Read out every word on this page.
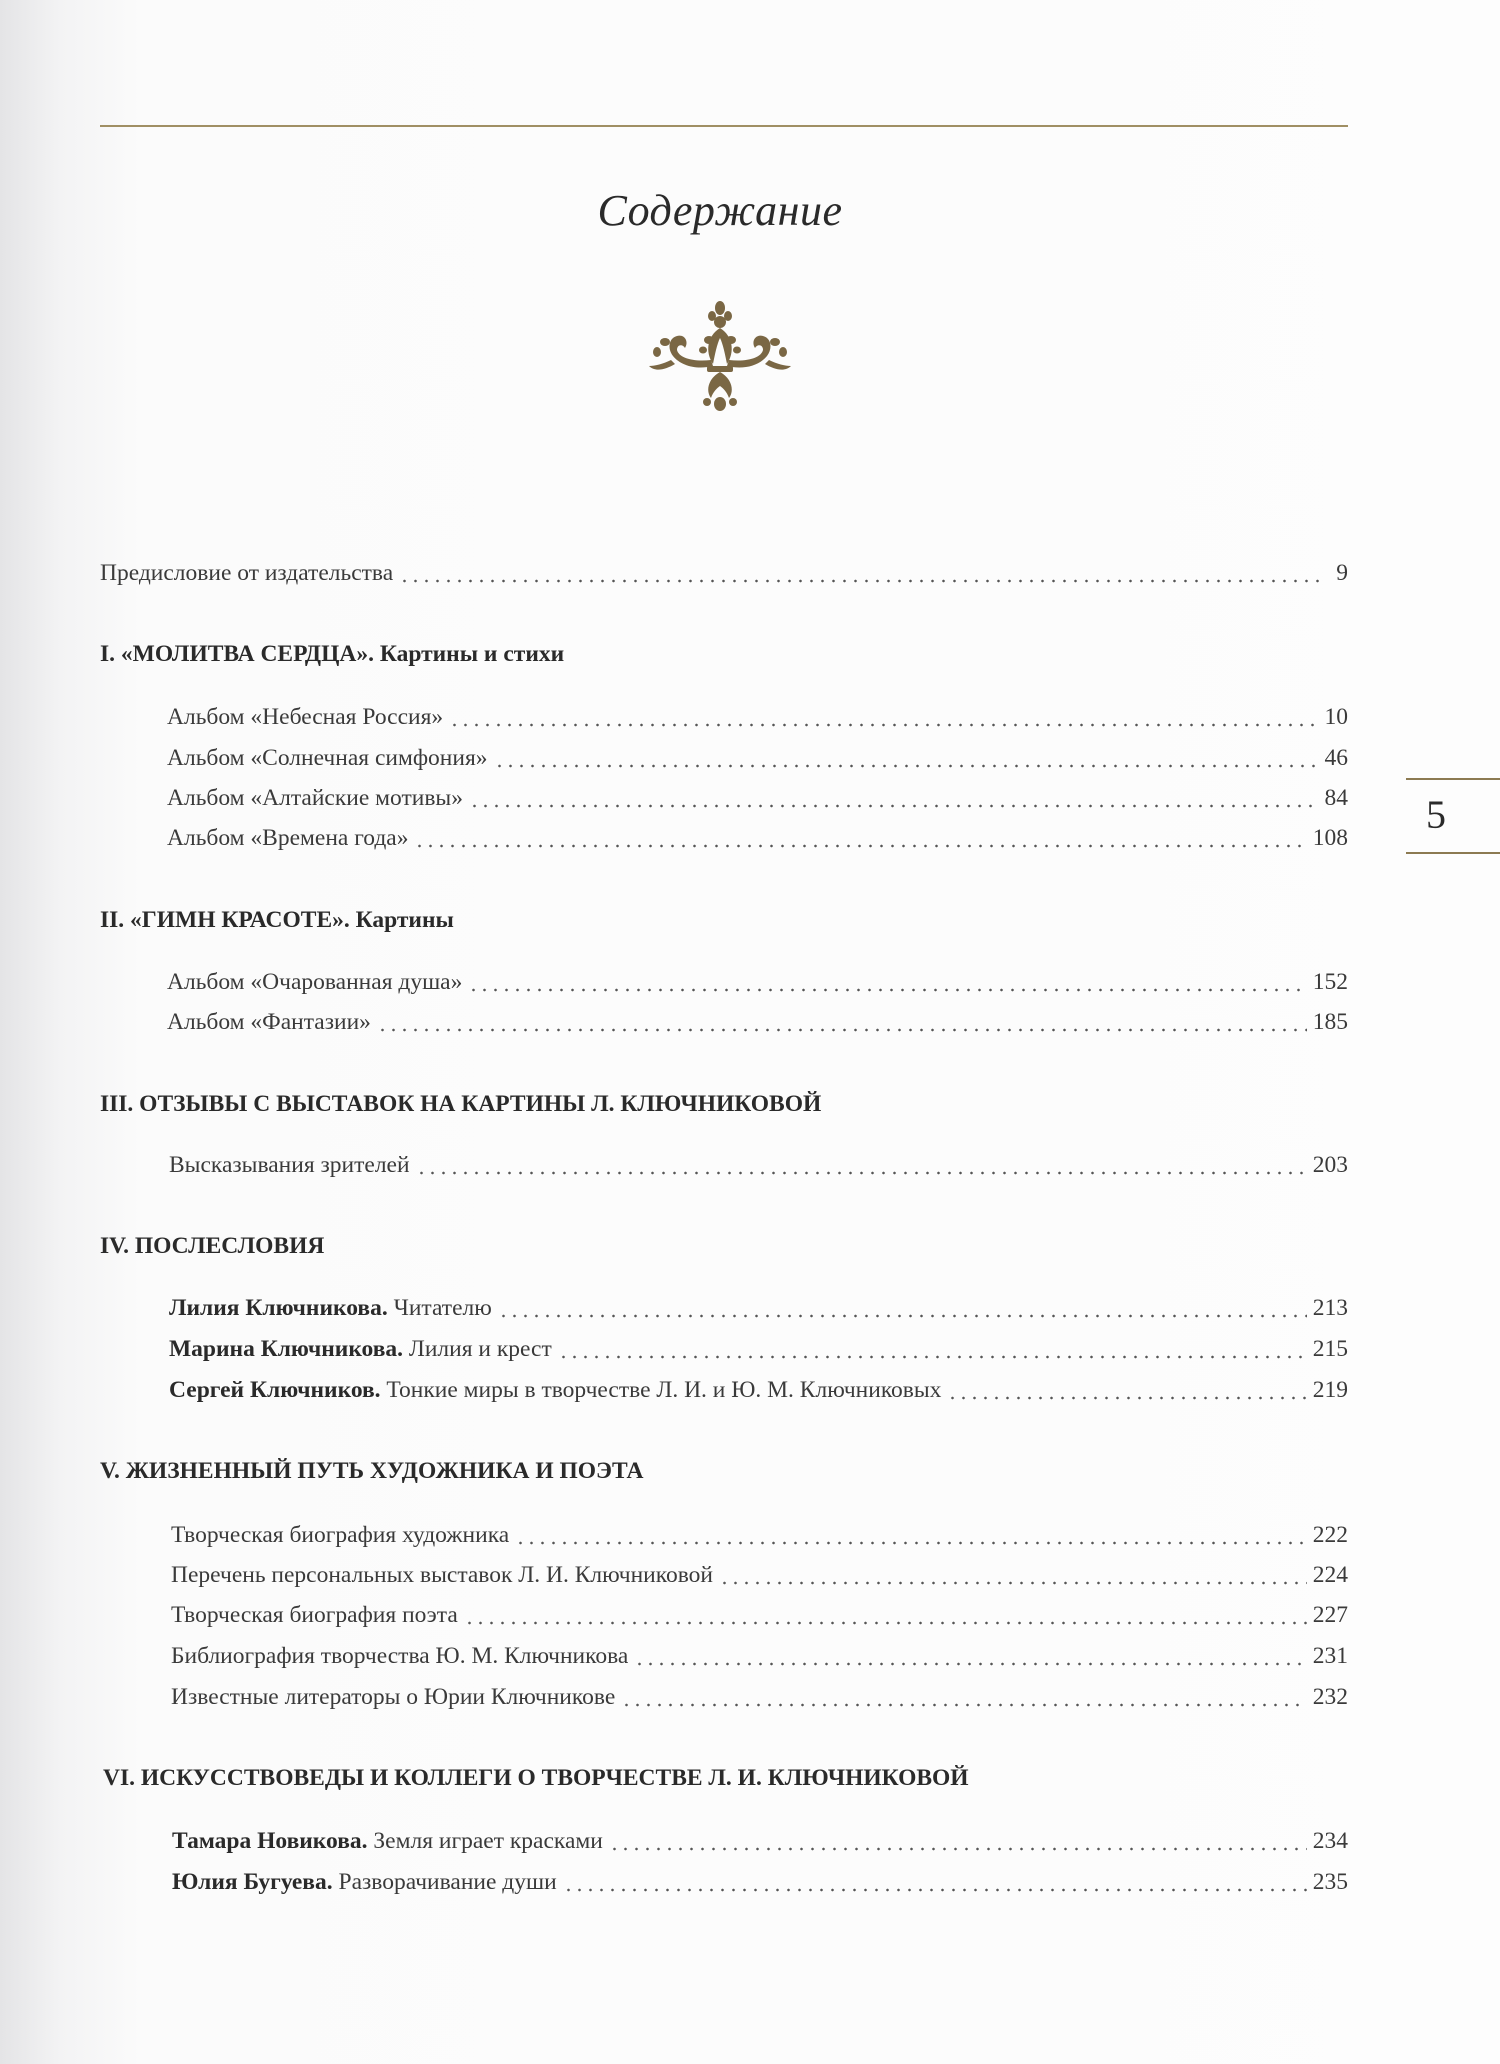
Содержание
5
Предисловие от издательства	9
I. «МОЛИТВА СЕРДЦА». Картины и стихи
Альбом «Небесная Россия»	10
Альбом «Солнечная симфония»	46
Альбом «Алтайские мотивы»	84
Альбом «Времена года»	108
II. «ГИМН КРАСОТЕ». Картины
Альбом «Очарованная душа»	152
Альбом «Фантазии»	185
III. ОТЗЫВЫ С ВЫСТАВОК НА КАРТИНЫ Л. КЛЮЧНИКОВОЙ
Высказывания зрителей	203
IV. ПОСЛЕСЛОВИЯ
Лилия Ключникова. Читателю	213
Марина Ключникова. Лилия и крест	215
Сергей Ключников. Тонкие миры в творчестве Л. И. и Ю. М. Ключниковых	219
V. ЖИЗНЕННЫЙ ПУТЬ ХУДОЖНИКА И ПОЭТА
Творческая биография художника	222
Перечень персональных выставок Л. И. Ключниковой	224
Творческая биография поэта	227
Библиография творчества Ю. М. Ключникова	231
Известные литераторы о Юрии Ключникове	232
VI. ИСКУССТВОВЕДЫ И КОЛЛЕГИ О ТВОРЧЕСТВЕ Л. И. КЛЮЧНИКОВОЙ
Тамара Новикова. Земля играет красками	234
Юлия Бугуева. Разворачивание души	235
